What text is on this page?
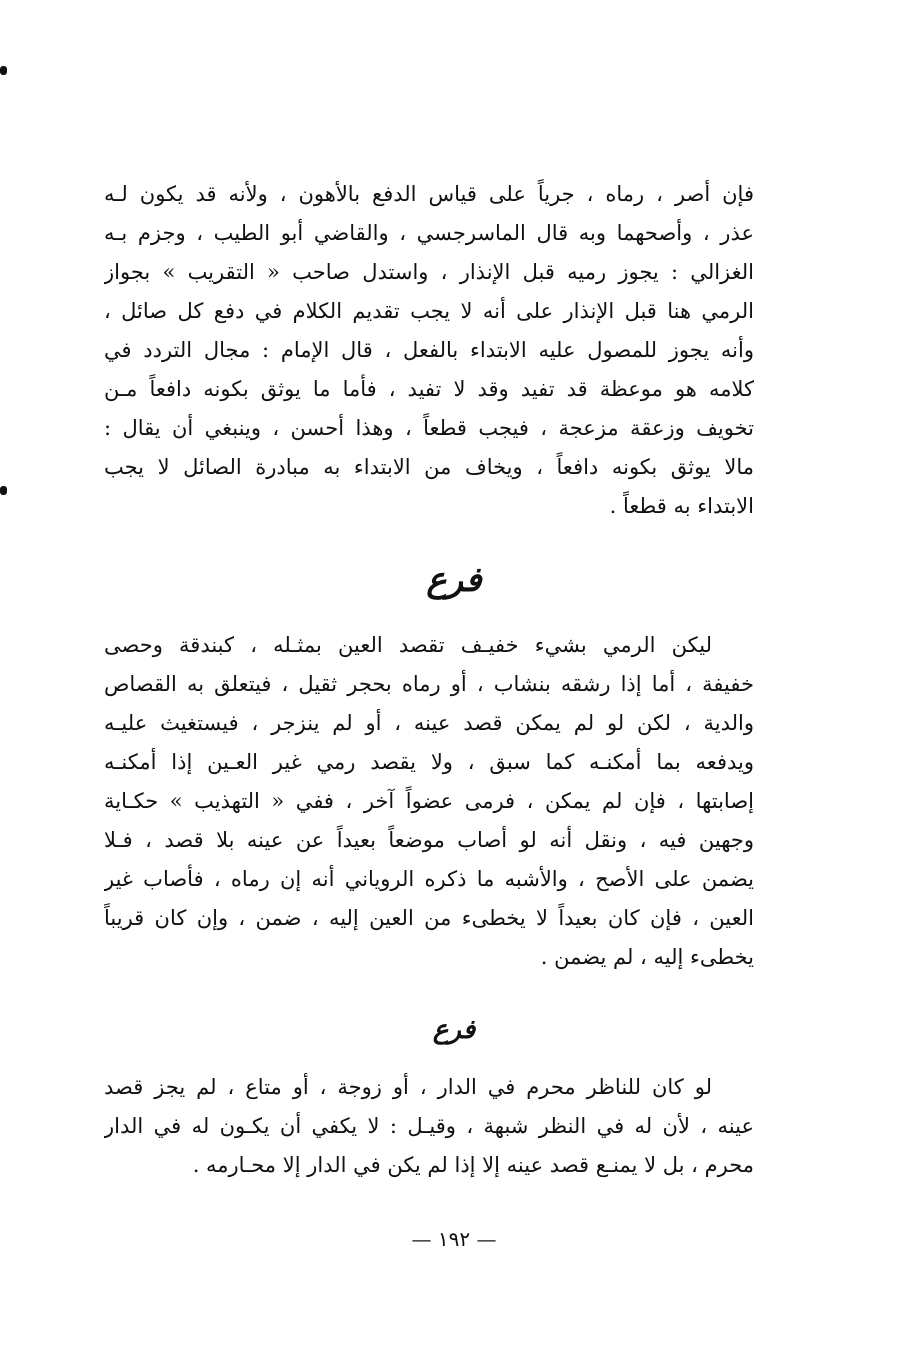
فإن أصر ، رماه ، جرياً على قياس الدفع بالأهون ، ولأنه قد يكون لـه
عذر ، وأصحهما وبه قال الماسرجسي ، والقاضي أبو الطيب ، وجزم بـه
الغزالي : يجوز رميه قبل الإنذار ، واستدل صاحب « التقريب » بجواز
الرمي هنا قبل الإنذار على أنه لا يجب تقديم الكلام في دفع كل صائل ،
وأنه يجوز للمصول عليه الابتداء بالفعل ، قال الإمام : مجال التردد في
كلامه هو موعظة قد تفيد وقد لا تفيد ، فأما ما يوثق بكونه دافعاً مـن
تخويف وزعقة مزعجة ، فيجب قطعاً ، وهذا أحسن ، وينبغي أن يقال :
مالا يوثق بكونه دافعاً ، ويخاف من الابتداء به مبادرة الصائل لا يجب
الابتداء به قطعاً .
فرع
ليكن الرمي بشيء خفيـف تقصد العين بمثـله ، كبندقة وحصى
خفيفة ، أما إذا رشقه بنشاب ، أو رماه بحجر ثقيل ، فيتعلق به القصاص
والدية ، لكن لو لم يمكن قصد عينه ، أو لم ينزجر ، فيستغيث عليـه
ويدفعه بما أمكنـه كما سبق ، ولا يقصد رمي غير العـين إذا أمكنـه
إصابتها ، فإن لم يمكن ، فرمى عضواً آخر ، ففي « التهذيب » حكـاية
وجهين فيه ، ونقل أنه لو أصاب موضعاً بعيداً عن عينه بلا قصد ، فـلا
يضمن على الأصح ، والأشبه ما ذكره الروياني أنه إن رماه ، فأصاب غير
العين ، فإن كان بعيداً لا يخطىء من العين إليه ، ضمن ، وإن كان قريباً
يخطىء إليه ، لم يضمن .
فرع
لو كان للناظر محرم في الدار ، أو زوجة ، أو متاع ، لم يجز قصد
عينه ، لأن له في النظر شبهة ، وقيـل : لا يكفي أن يكـون له في الدار
محرم ، بل لا يمنـع قصد عينه إلا إذا لم يكن في الدار إلا محـارمه .
— ١٩٢ —
